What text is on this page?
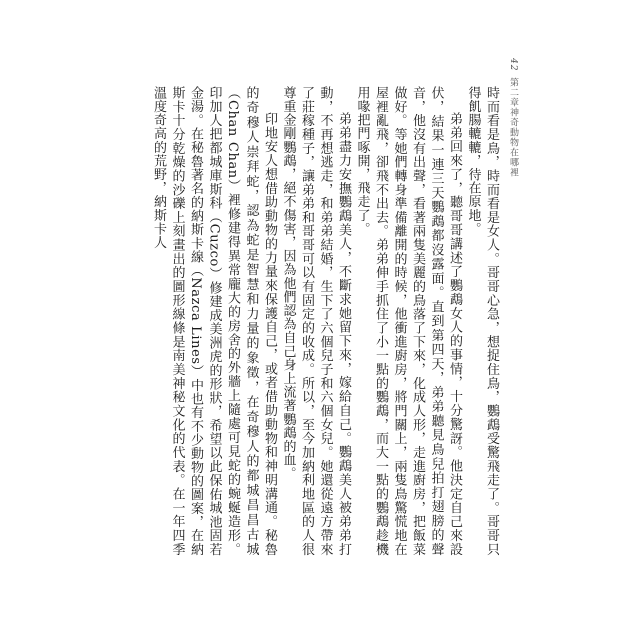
42第二章神奇動物在哪裡

時而看是鳥，時而看是女人。哥哥心急，想捉住鳥，鸚鵡受驚飛走了。哥哥只得飢腸轆轆，待在原地。

弟弟回來了，聽哥哥講述了鸚鵡女人的事情，十分驚訝。他決定自己來設伏，結果一連三天鸚鵡都沒露面。直到第四天，弟弟聽見鳥兒拍打翅膀的聲音，他沒有出聲，看著兩隻美麗的鳥落了下來，化成人形，走進廚房，把飯菜做好。等她們轉身準備離開的時候，他衝進廚房，將門關上，兩隻鳥驚慌地在屋裡亂飛，卻飛不出去。弟弟伸手抓住了小一點的鸚鵡，而大一點的鸚鵡趁機用喙把門啄開，飛走了。

弟弟盡力安撫鸚鵡美人，不斷求她留下來，嫁給自己。鸚鵡美人被弟弟打動，不再想逃走，和弟弟結婚，生下了六個兒子和六個女兒。她還從遠方帶來了莊稼種子，讓弟弟和哥哥可以有固定的收成。所以，至今加納利地區的人很尊重金剛鸚鵡，絕不傷害，因為他們認為自己身上流著鸚鵡的血。

印地安人想借助動物的力量來保護自己，或者借助動物和神明溝通。秘魯的奇穆人崇拜蛇，認為蛇是智慧和力量的象徵，在奇穆人的都城昌昌古城（Chan Chan）裡修建得異常龐大的房舍的外牆上隨處可見蛇的蜿蜒造形。印加人把都城庫斯科（Cuzco）修建成美洲虎的形狀，希望以此保佑城池固若金湯。在秘魯著名的納斯卡線（Nazca Lines）中也有不少動物的圖案，在納斯卡十分乾燥的沙礫上刻畫出的圖形線條是南美神秘文化的代表。在一年四季溫度奇高的荒野，納斯卡人
